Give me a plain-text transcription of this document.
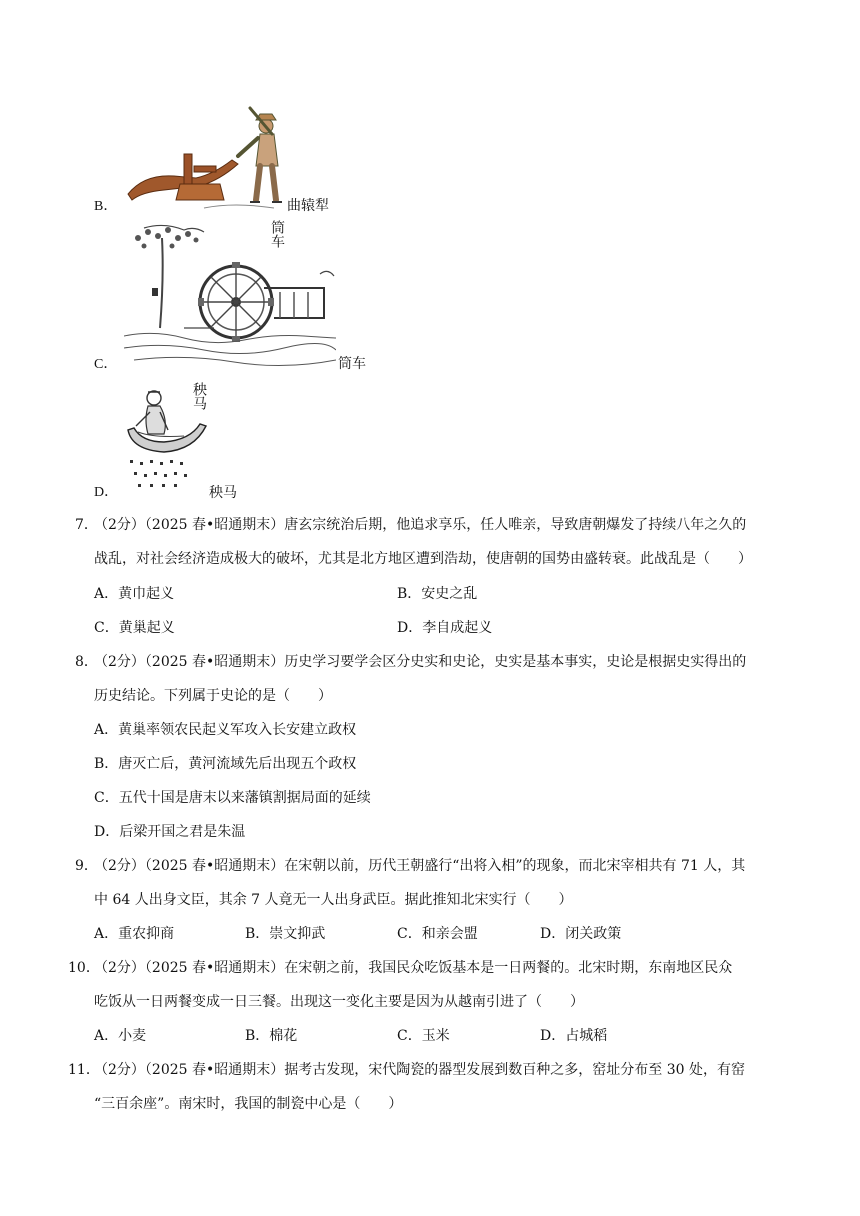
B．	曲辕犁
C．
筒车
筒车
D．
秧马
秧马
7．
（2分）（2025 春•昭通期末）唐玄宗统治后期，他追求享乐，任人唯亲，导致唐朝爆发了持续八年之久的
战乱，对社会经济造成极大的破坏，尤其是北方地区遭到浩劫，使唐朝的国势由盛转衰。此战乱是（　　）
A．黄巾起义	B．安史之乱
C．黄巢起义	D．李自成起义
8．
（2分）（2025 春•昭通期末）历史学习要学会区分史实和史论，史实是基本事实，史论是根据史实得出的
历史结论。下列属于史论的是（　　）
A．黄巢率领农民起义军攻入长安建立政权
B．唐灭亡后，黄河流域先后出现五个政权
C．五代十国是唐末以来藩镇割据局面的延续
D．后梁开国之君是朱温
9．
（2分）（2025 春•昭通期末）在宋朝以前，历代王朝盛行“出将入相”的现象，而北宋宰相共有 71 人，其
中 64 人出身文臣，其余 7 人竟无一人出身武臣。据此推知北宋实行（　　）
A．重农抑商	B．崇文抑武	C．和亲会盟	D．闭关政策
10．
（2分）（2025 春•昭通期末）在宋朝之前，我国民众吃饭基本是一日两餐的。北宋时期，东南地区民众
吃饭从一日两餐变成一日三餐。出现这一变化主要是因为从越南引进了（　　）
A．小麦	B．棉花	C．玉米	D．占城稻
11．
（2分）（2025 春•昭通期末）据考古发现，宋代陶瓷的器型发展到数百种之多，窑址分布至 30 处，有窑
“三百余座”。南宋时，我国的制瓷中心是（　　）
